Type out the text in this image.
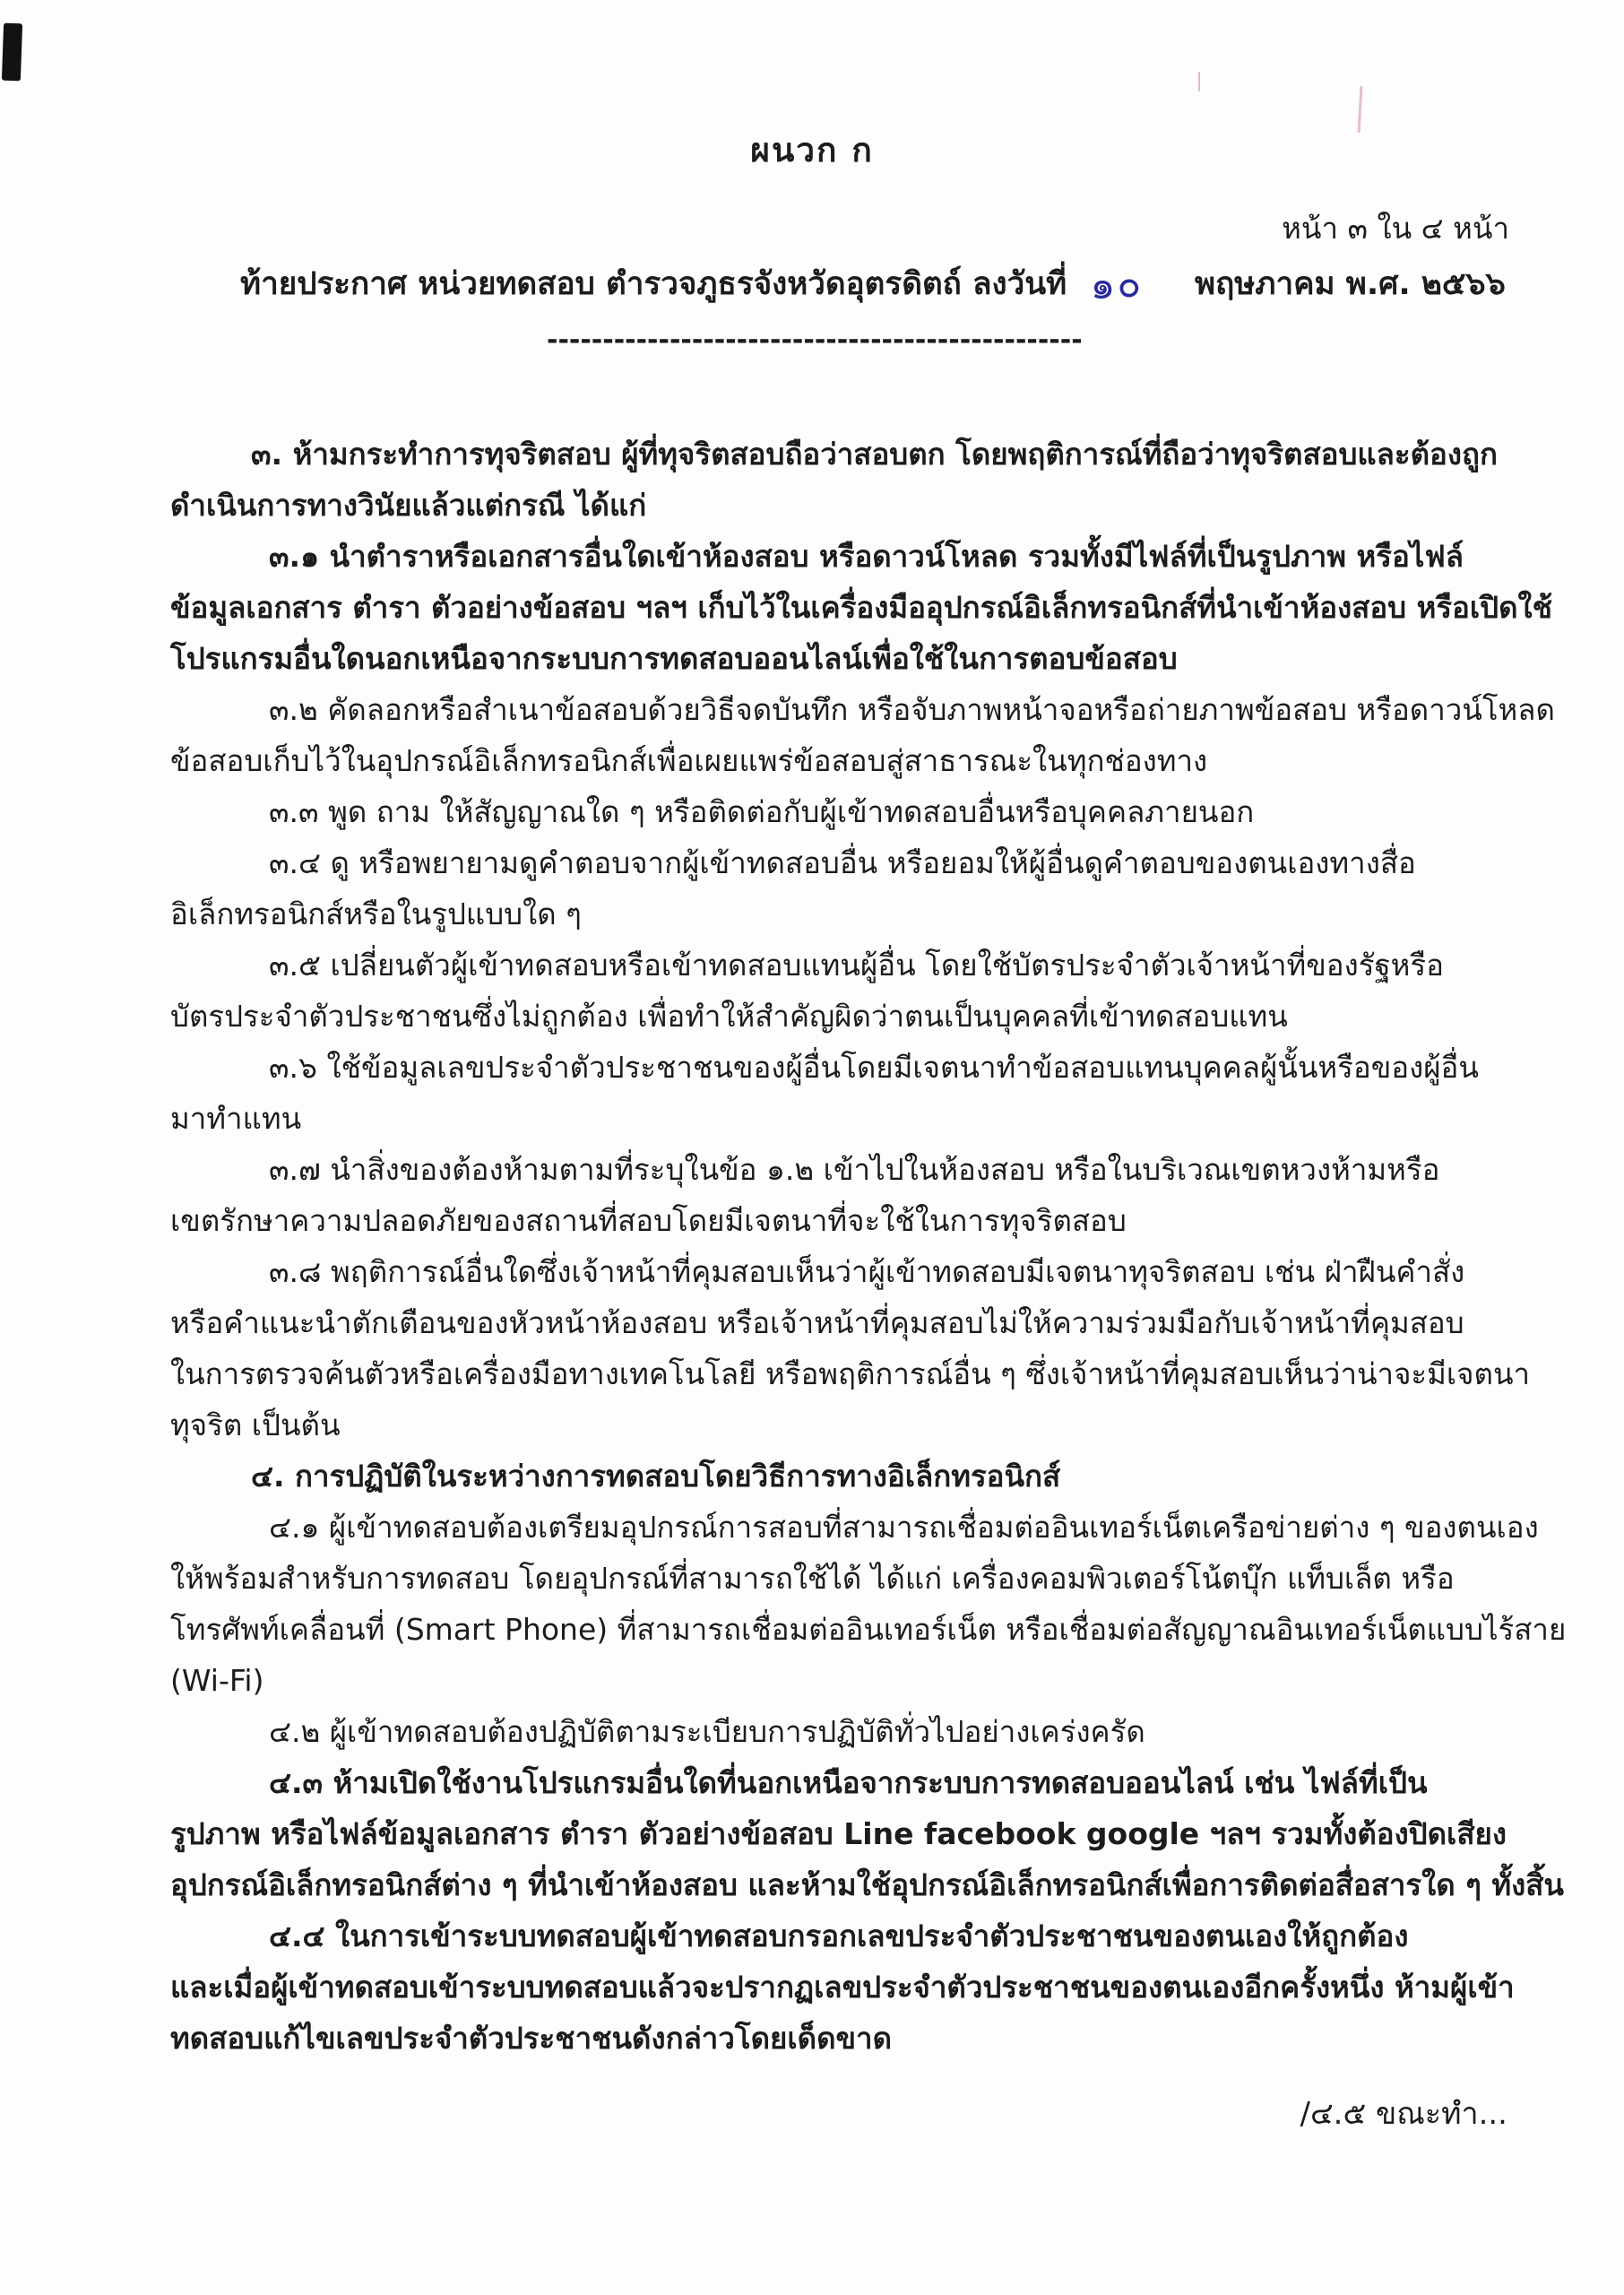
ผนวก ก
หน้า ๓ ใน ๔ หน้า
ท้ายประกาศ หน่วยทดสอบ ตำรวจภูธรจังหวัดอุตรดิตถ์ ลงวันที่ ๑๐ พฤษภาคม พ.ศ. ๒๕๖๖
------------------------------------------------
๓. ห้ามกระทำการทุจริตสอบ ผู้ที่ทุจริตสอบถือว่าสอบตก โดยพฤติการณ์ที่ถือว่าทุจริตสอบและต้องถูก
ดำเนินการทางวินัยแล้วแต่กรณี ได้แก่
๓.๑ นำตำราหรือเอกสารอื่นใดเข้าห้องสอบ หรือดาวน์โหลด รวมทั้งมีไฟล์ที่เป็นรูปภาพ หรือไฟล์
ข้อมูลเอกสาร ตำรา ตัวอย่างข้อสอบ ฯลฯ เก็บไว้ในเครื่องมืออุปกรณ์อิเล็กทรอนิกส์ที่นำเข้าห้องสอบ หรือเปิดใช้
โปรแกรมอื่นใดนอกเหนือจากระบบการทดสอบออนไลน์เพื่อใช้ในการตอบข้อสอบ
๓.๒ คัดลอกหรือสำเนาข้อสอบด้วยวิธีจดบันทึก หรือจับภาพหน้าจอหรือถ่ายภาพข้อสอบ หรือดาวน์โหลด
ข้อสอบเก็บไว้ในอุปกรณ์อิเล็กทรอนิกส์เพื่อเผยแพร่ข้อสอบสู่สาธารณะในทุกช่องทาง
๓.๓ พูด ถาม ให้สัญญาณใด ๆ หรือติดต่อกับผู้เข้าทดสอบอื่นหรือบุคคลภายนอก
๓.๔ ดู หรือพยายามดูคำตอบจากผู้เข้าทดสอบอื่น หรือยอมให้ผู้อื่นดูคำตอบของตนเองทางสื่อ
อิเล็กทรอนิกส์หรือในรูปแบบใด ๆ
๓.๕ เปลี่ยนตัวผู้เข้าทดสอบหรือเข้าทดสอบแทนผู้อื่น โดยใช้บัตรประจำตัวเจ้าหน้าที่ของรัฐหรือ
บัตรประจำตัวประชาชนซึ่งไม่ถูกต้อง เพื่อทำให้สำคัญผิดว่าตนเป็นบุคคลที่เข้าทดสอบแทน
๓.๖ ใช้ข้อมูลเลขประจำตัวประชาชนของผู้อื่นโดยมีเจตนาทำข้อสอบแทนบุคคลผู้นั้นหรือของผู้อื่น
มาทำแทน
๓.๗ นำสิ่งของต้องห้ามตามที่ระบุในข้อ ๑.๒ เข้าไปในห้องสอบ หรือในบริเวณเขตหวงห้ามหรือ
เขตรักษาความปลอดภัยของสถานที่สอบโดยมีเจตนาที่จะใช้ในการทุจริตสอบ
๓.๘ พฤติการณ์อื่นใดซึ่งเจ้าหน้าที่คุมสอบเห็นว่าผู้เข้าทดสอบมีเจตนาทุจริตสอบ เช่น ฝ่าฝืนคำสั่ง
หรือคำแนะนำตักเตือนของหัวหน้าห้องสอบ หรือเจ้าหน้าที่คุมสอบไม่ให้ความร่วมมือกับเจ้าหน้าที่คุมสอบ
ในการตรวจค้นตัวหรือเครื่องมือทางเทคโนโลยี หรือพฤติการณ์อื่น ๆ ซึ่งเจ้าหน้าที่คุมสอบเห็นว่าน่าจะมีเจตนา
ทุจริต เป็นต้น
๔. การปฏิบัติในระหว่างการทดสอบโดยวิธีการทางอิเล็กทรอนิกส์
๔.๑ ผู้เข้าทดสอบต้องเตรียมอุปกรณ์การสอบที่สามารถเชื่อมต่ออินเทอร์เน็ตเครือข่ายต่าง ๆ ของตนเอง
ให้พร้อมสำหรับการทดสอบ โดยอุปกรณ์ที่สามารถใช้ได้ ได้แก่ เครื่องคอมพิวเตอร์โน้ตบุ๊ก แท็บเล็ต หรือ
โทรศัพท์เคลื่อนที่ (Smart Phone) ที่สามารถเชื่อมต่ออินเทอร์เน็ต หรือเชื่อมต่อสัญญาณอินเทอร์เน็ตแบบไร้สาย
(Wi-Fi)
๔.๒ ผู้เข้าทดสอบต้องปฏิบัติตามระเบียบการปฏิบัติทั่วไปอย่างเคร่งครัด
๔.๓ ห้ามเปิดใช้งานโปรแกรมอื่นใดที่นอกเหนือจากระบบการทดสอบออนไลน์ เช่น ไฟล์ที่เป็น
รูปภาพ หรือไฟล์ข้อมูลเอกสาร ตำรา ตัวอย่างข้อสอบ Line facebook google ฯลฯ รวมทั้งต้องปิดเสียง
อุปกรณ์อิเล็กทรอนิกส์ต่าง ๆ ที่นำเข้าห้องสอบ และห้ามใช้อุปกรณ์อิเล็กทรอนิกส์เพื่อการติดต่อสื่อสารใด ๆ ทั้งสิ้น
๔.๔ ในการเข้าระบบทดสอบผู้เข้าทดสอบกรอกเลขประจำตัวประชาชนของตนเองให้ถูกต้อง
และเมื่อผู้เข้าทดสอบเข้าระบบทดสอบแล้วจะปรากฏเลขประจำตัวประชาชนของตนเองอีกครั้งหนึ่ง ห้ามผู้เข้า
ทดสอบแก้ไขเลขประจำตัวประชาชนดังกล่าวโดยเด็ดขาด
/๔.๕ ขณะทำ...
